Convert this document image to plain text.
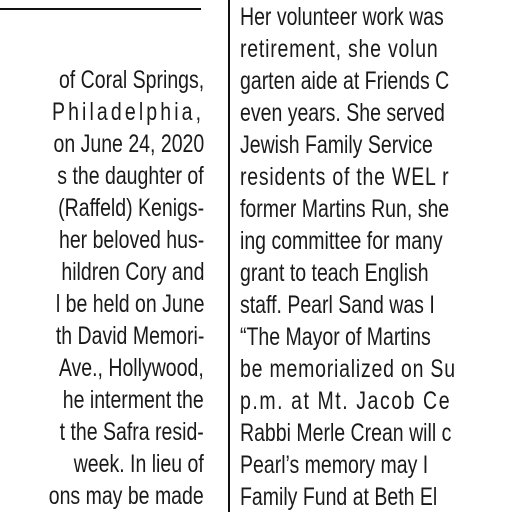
of Coral Springs,
Philadelphia,
on June 24, 2020
s the daughter of
(Raffeld) Kenigs-
her beloved hus-
hildren Cory and
l be held on June
th David Memori-
Ave., Hollywood,
he interment the
t the Safra resid-
week. In lieu of
ons may be made
Her volunteer work was
retirement, she volun
garten aide at Friends C
even years. She served
Jewish Family Service
residents of the WEL r
former Martins Run, she
ing committee for many
grant to teach English
staff. Pearl Sand was I
“The Mayor of Martins
be memorialized on Su
p.m. at Mt. Jacob Ce
Rabbi Merle Crean will c
Pearl’s memory may I
Family Fund at Beth El
